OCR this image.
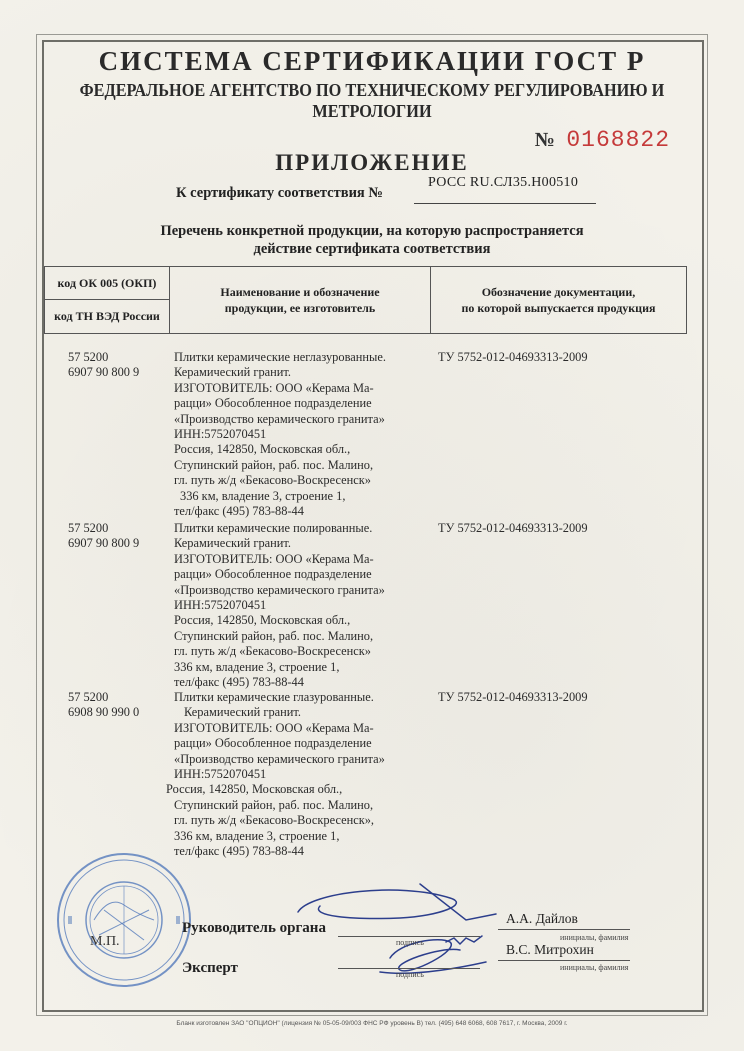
СИСТЕМА СЕРТИФИКАЦИИ ГОСТ Р
ФЕДЕРАЛЬНОЕ АГЕНТСТВО ПО ТЕХНИЧЕСКОМУ РЕГУЛИРОВАНИЮ И МЕТРОЛОГИИ
№ 0168822
ПРИЛОЖЕНИЕ
К сертификату соответствия №
РОСС RU.СЛ35.Н00510
Перечень конкретной продукции, на которую распространяется
действие сертификата соответствия
код ОК 005 (ОКП)
код ТН ВЭД России
Наименование и обозначение
продукции, ее изготовитель
Обозначение документации,
по которой выпускается продукция
57 5200
6907 90 800 9
Плитки керамические неглазурованные.
Керамический гранит.
ИЗГОТОВИТЕЛЬ: ООО «Керама Ма-
рацци» Обособленное подразделение
«Производство керамического гранита»
ИНН:5752070451
Россия, 142850, Московская обл.,
Ступинский район, раб. пос. Малино,
гл. путь ж/д «Бекасово-Воскресенск»
336 км, владение 3, строение 1,
тел/факс (495) 783-88-44
ТУ 5752-012-04693313-2009
57 5200
6907 90 800 9
Плитки керамические полированные.
Керамический гранит.
ИЗГОТОВИТЕЛЬ: ООО «Керама Ма-
рацци» Обособленное подразделение
«Производство керамического гранита»
ИНН:5752070451
Россия, 142850, Московская обл.,
Ступинский район, раб. пос. Малино,
гл. путь ж/д «Бекасово-Воскресенск»
336 км, владение 3, строение 1,
тел/факс (495) 783-88-44
ТУ 5752-012-04693313-2009
57 5200
6908 90 990 0
Плитки керамические глазурованные.
Керамический гранит.
ИЗГОТОВИТЕЛЬ: ООО «Керама Ма-
рацци» Обособленное подразделение
«Производство керамического гранита»
ИНН:5752070451
Россия, 142850, Московская обл.,
Ступинский район, раб. пос. Малино,
гл. путь ж/д «Бекасово-Воскресенск»,
336 км, владение 3, строение 1,
тел/факс (495) 783-88-44
ТУ 5752-012-04693313-2009
М.П.
Руководитель органа
подпись
А.А. Дайлов
инициалы, фамилия
Эксперт	подпись
В.С. Митрохин
инициалы, фамилия
Бланк изготовлен ЗАО "ОПЦИОН" (лицензия № 05-05-09/003 ФНС РФ уровень В) тел. (495) 648 6068, 608 7617, г. Москва, 2009 г.
